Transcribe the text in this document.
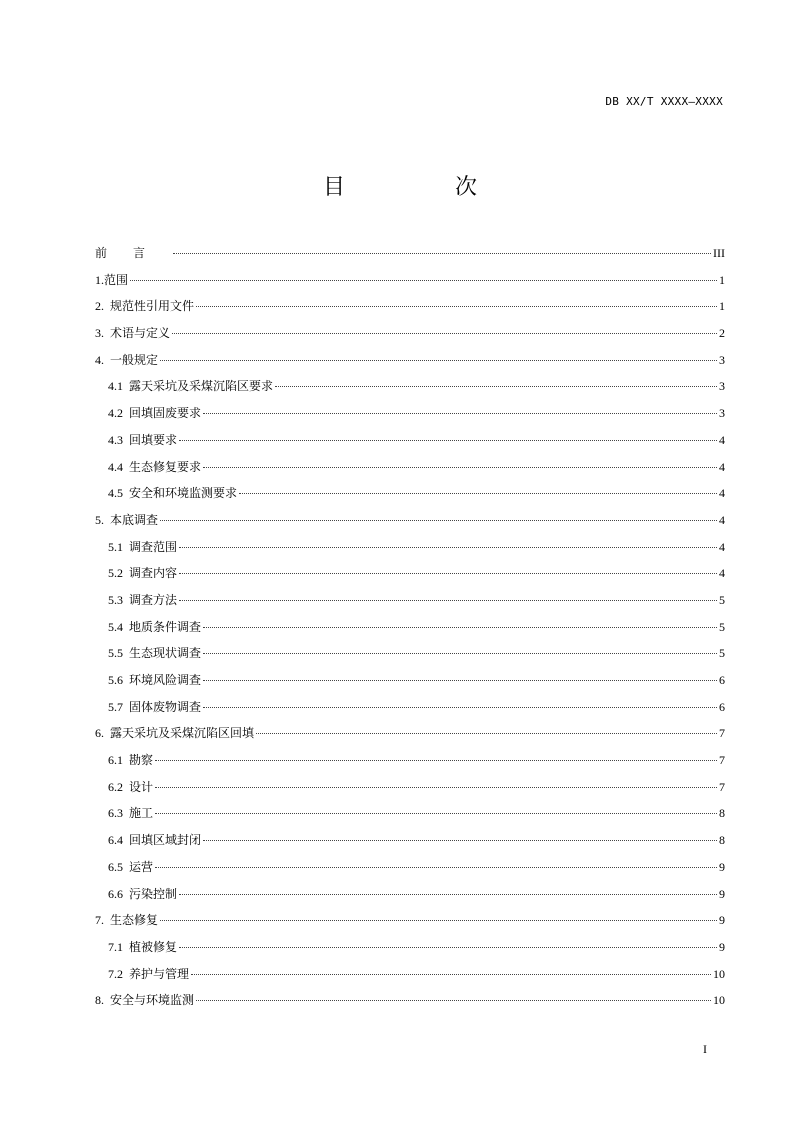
DB XX/T XXXX—XXXX
目　次
前言	III
1. 范围	1
2. 规范性引用文件	1
3. 术语与定义	2
4. 一般规定	3
4.1 露天采坑及采煤沉陷区要求	3
4.2 回填固废要求	3
4.3 回填要求	4
4.4 生态修复要求	4
4.5 安全和环境监测要求	4
5. 本底调查	4
5.1 调查范围	4
5.2 调查内容	4
5.3 调查方法	5
5.4 地质条件调查	5
5.5 生态现状调查	5
5.6 环境风险调查	6
5.7 固体废物调查	6
6. 露天采坑及采煤沉陷区回填	7
6.1 勘察	7
6.2 设计	7
6.3 施工	8
6.4 回填区域封闭	8
6.5 运营	9
6.6 污染控制	9
7. 生态修复	9
7.1 植被修复	9
7.2 养护与管理	10
8. 安全与环境监测	10
I
